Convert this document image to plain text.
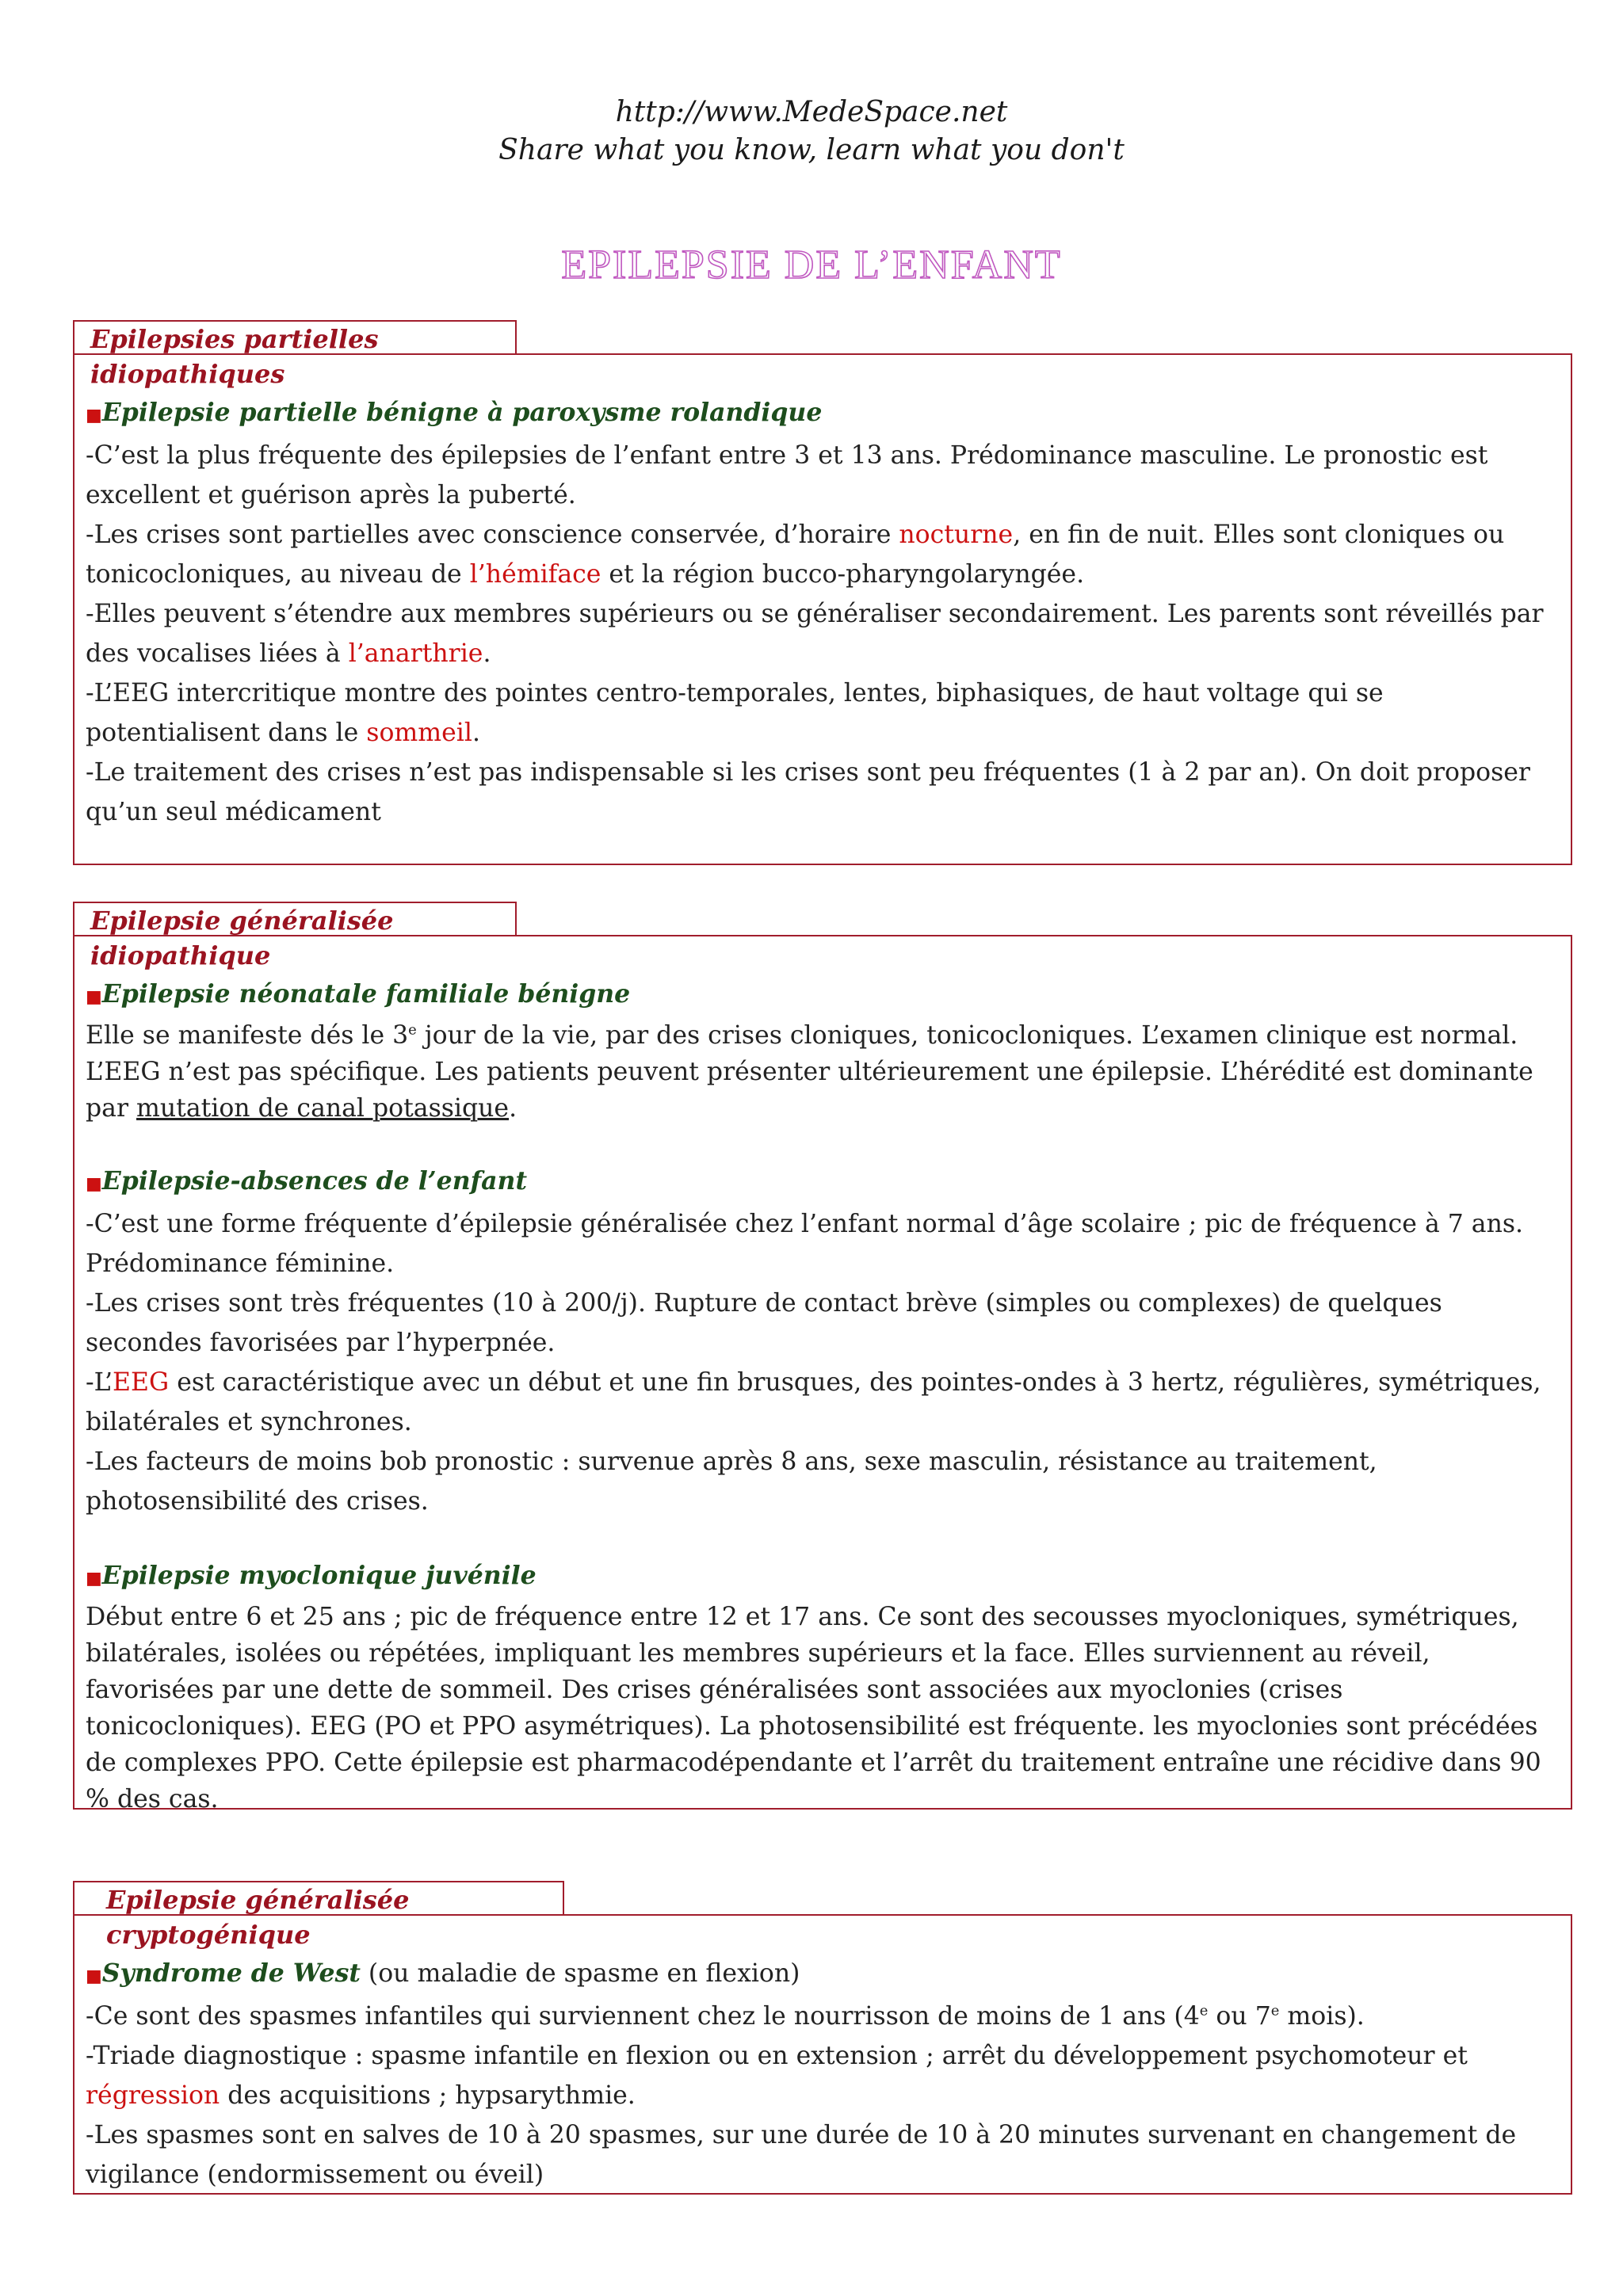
http://www.MedeSpace.net
Share what you know, learn what you don't
EPILEPSIE DE L’ENFANT
Epilepsies partielles idiopathiques

■Epilepsie partielle bénigne à paroxysme rolandique

-C’est la plus fréquente des épilepsies de l’enfant entre 3 et 13 ans. Prédominance masculine. Le pronostic est excellent et guérison après la puberté.

-Les crises sont partielles avec conscience conservée, d’horaire nocturne, en fin de nuit. Elles sont cloniques ou tonicocloniques, au niveau de l’hémiface et la région bucco-pharyngolaryngée.

-Elles peuvent s’étendre aux membres supérieurs ou se généraliser secondairement. Les parents sont réveillés par des vocalises liées à l’anarthrie.

-L’EEG intercritique montre des pointes centro-temporales, lentes, biphasiques, de haut voltage qui se potentialisent dans le sommeil.

-Le traitement des crises n’est pas indispensable si les crises sont peu fréquentes (1 à 2 par an). On doit proposer qu’un seul médicament

Epilepsie généralisée idiopathique

■Epilepsie néonatale familiale bénigne

Elle se manifeste dés le 3e jour de la vie, par des crises cloniques, tonicocloniques. L’examen clinique est normal. L’EEG n’est pas spécifique. Les patients peuvent présenter ultérieurement une épilepsie. L’hérédité est dominante par mutation de canal potassique.

■Epilepsie-absences de l’enfant

-C’est une forme fréquente d’épilepsie généralisée chez l’enfant normal d’âge scolaire ; pic de fréquence à 7 ans. Prédominance féminine.

-Les crises sont très fréquentes (10 à 200/j). Rupture de contact brève (simples ou complexes) de quelques secondes favorisées par l’hyperpnée.

-L’EEG est caractéristique avec un début et une fin brusques, des pointes-ondes à 3 hertz, régulières, symétriques, bilatérales et synchrones.

-Les facteurs de moins bob pronostic : survenue après 8 ans, sexe masculin, résistance au traitement, photosensibilité des crises.

■Epilepsie myoclonique juvénile

Début entre 6 et 25 ans ; pic de fréquence entre 12 et 17 ans. Ce sont des secousses myocloniques, symétriques, bilatérales, isolées ou répétées, impliquant les membres supérieurs et la face. Elles surviennent au réveil, favorisées par une dette de sommeil. Des crises généralisées sont associées aux myoclonies (crises tonicocloniques). EEG (PO et PPO asymétriques). La photosensibilité est fréquente. les myoclonies sont précédées de complexes PPO. Cette épilepsie est pharmacodépendante et l’arrêt du traitement entraîne une récidive dans 90 % des cas.

Epilepsie généralisée cryptogénique

■Syndrome de West (ou maladie de spasme en flexion)

-Ce sont des spasmes infantiles qui surviennent chez le nourrisson de moins de 1 ans (4e ou 7e mois).

-Triade diagnostique : spasme infantile en flexion ou en extension ; arrêt du développement psychomoteur et régression des acquisitions ; hypsarythmie.

-Les spasmes sont en salves de 10 à 20 spasmes, sur une durée de 10 à 20 minutes survenant en changement de vigilance (endormissement ou éveil)
